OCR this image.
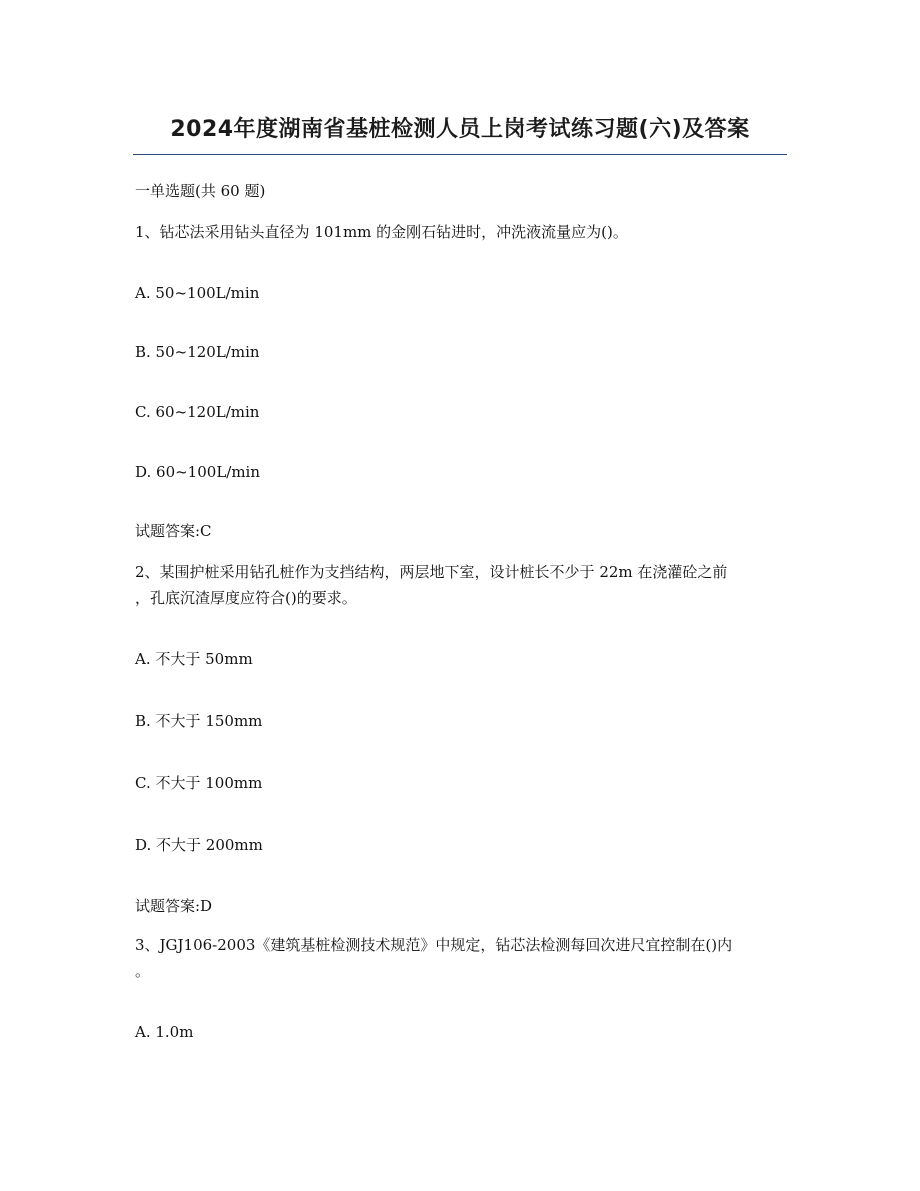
2024年度湖南省基桩检测人员上岗考试练习题(六)及答案

一单选题(共 60 题)

1、钻芯法采用钻头直径为 101mm 的金刚石钻进时，冲洗液流量应为()。

A. 50~100L/min

B. 50~120L/min

C. 60~120L/min

D. 60~100L/min

试题答案:C

2、某围护桩采用钻孔桩作为支挡结构，两层地下室，设计桩长不少于 22m 在浇灌砼之前

，孔底沉渣厚度应符合()的要求。

A. 不大于 50mm

B. 不大于 150mm

C. 不大于 100mm

D. 不大于 200mm

试题答案:D

3、JGJ106-2003《建筑基桩检测技术规范》中规定，钻芯法检测每回次进尺宜控制在()内

。

A. 1.0m
